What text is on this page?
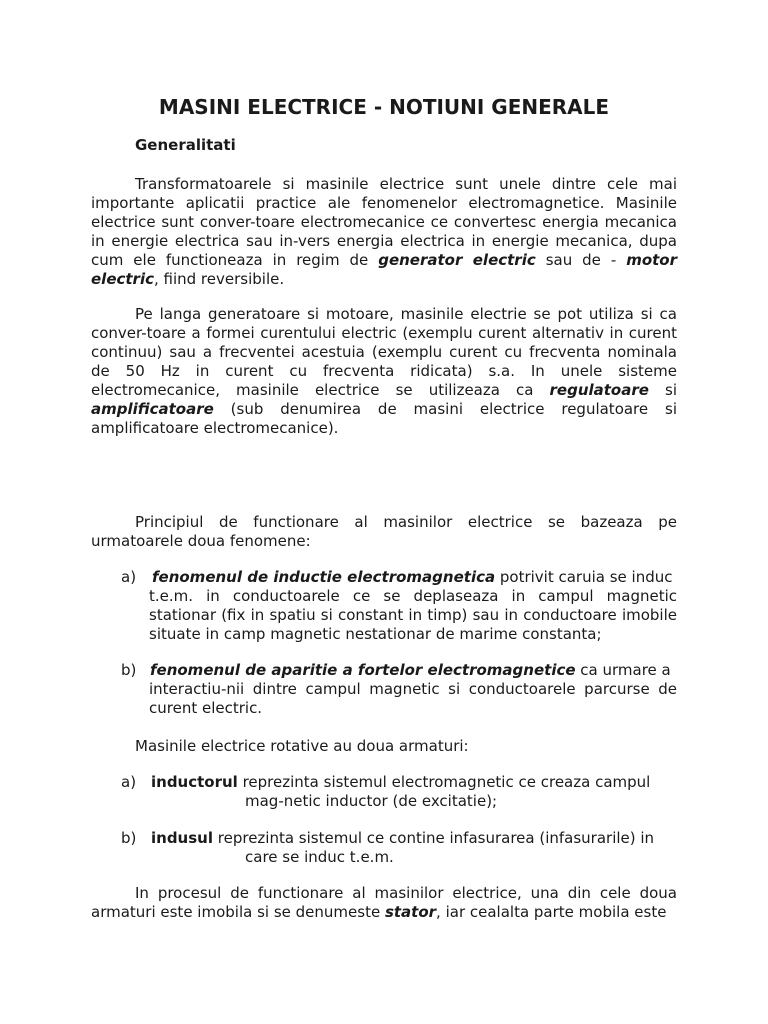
MASINI ELECTRICE - NOTIUNI GENERALE
Generalitati
Transformatoarele si masinile electrice sunt unele dintre cele mai importante aplicatii practice ale fenomenelor electromagnetice. Masinile electrice sunt conver-toare electromecanice ce convertesc energia mecanica in energie electrica sau in-vers energia electrica in energie mecanica, dupa cum ele functioneaza in regim de generator electric sau de - motor electric, fiind reversibile.
Pe langa generatoare si motoare, masinile electrie se pot utiliza si ca conver-toare a formei curentului electric (exemplu curent alternativ in curent continuu) sau a frecventei acestuia (exemplu curent cu frecventa nominala de 50 Hz in curent cu frecventa ridicata) s.a. In unele sisteme electromecanice, masinile electrice se utilizeaza ca regulatoare si amplificatoare (sub denumirea de masini electrice regulatoare si amplificatoare electromecanice).
Principiul de functionare al masinilor electrice se bazeaza pe urmatoarele doua fenomene:
a) fenomenul de inductie electromagnetica potrivit caruia se induc
t.e.m. in conductoarele ce se deplaseaza in campul magnetic stationar (fix in spatiu si constant in timp) sau in conductoare imobile situate in camp magnetic nestationar de marime constanta;
b) fenomenul de aparitie a fortelor electromagnetice ca urmare a
interactiu-nii dintre campul magnetic si conductoarele parcurse de curent electric.
Masinile electrice rotative au doua armaturi:
a) inductorul reprezinta sistemul electromagnetic ce creaza campul
mag-netic inductor (de excitatie);
b) indusul reprezinta sistemul ce contine infasurarea (infasurarile) in
care se induc t.e.m.
In procesul de functionare al masinilor electrice, una din cele doua armaturi este imobila si se denumeste stator, iar cealalta parte mobila este
